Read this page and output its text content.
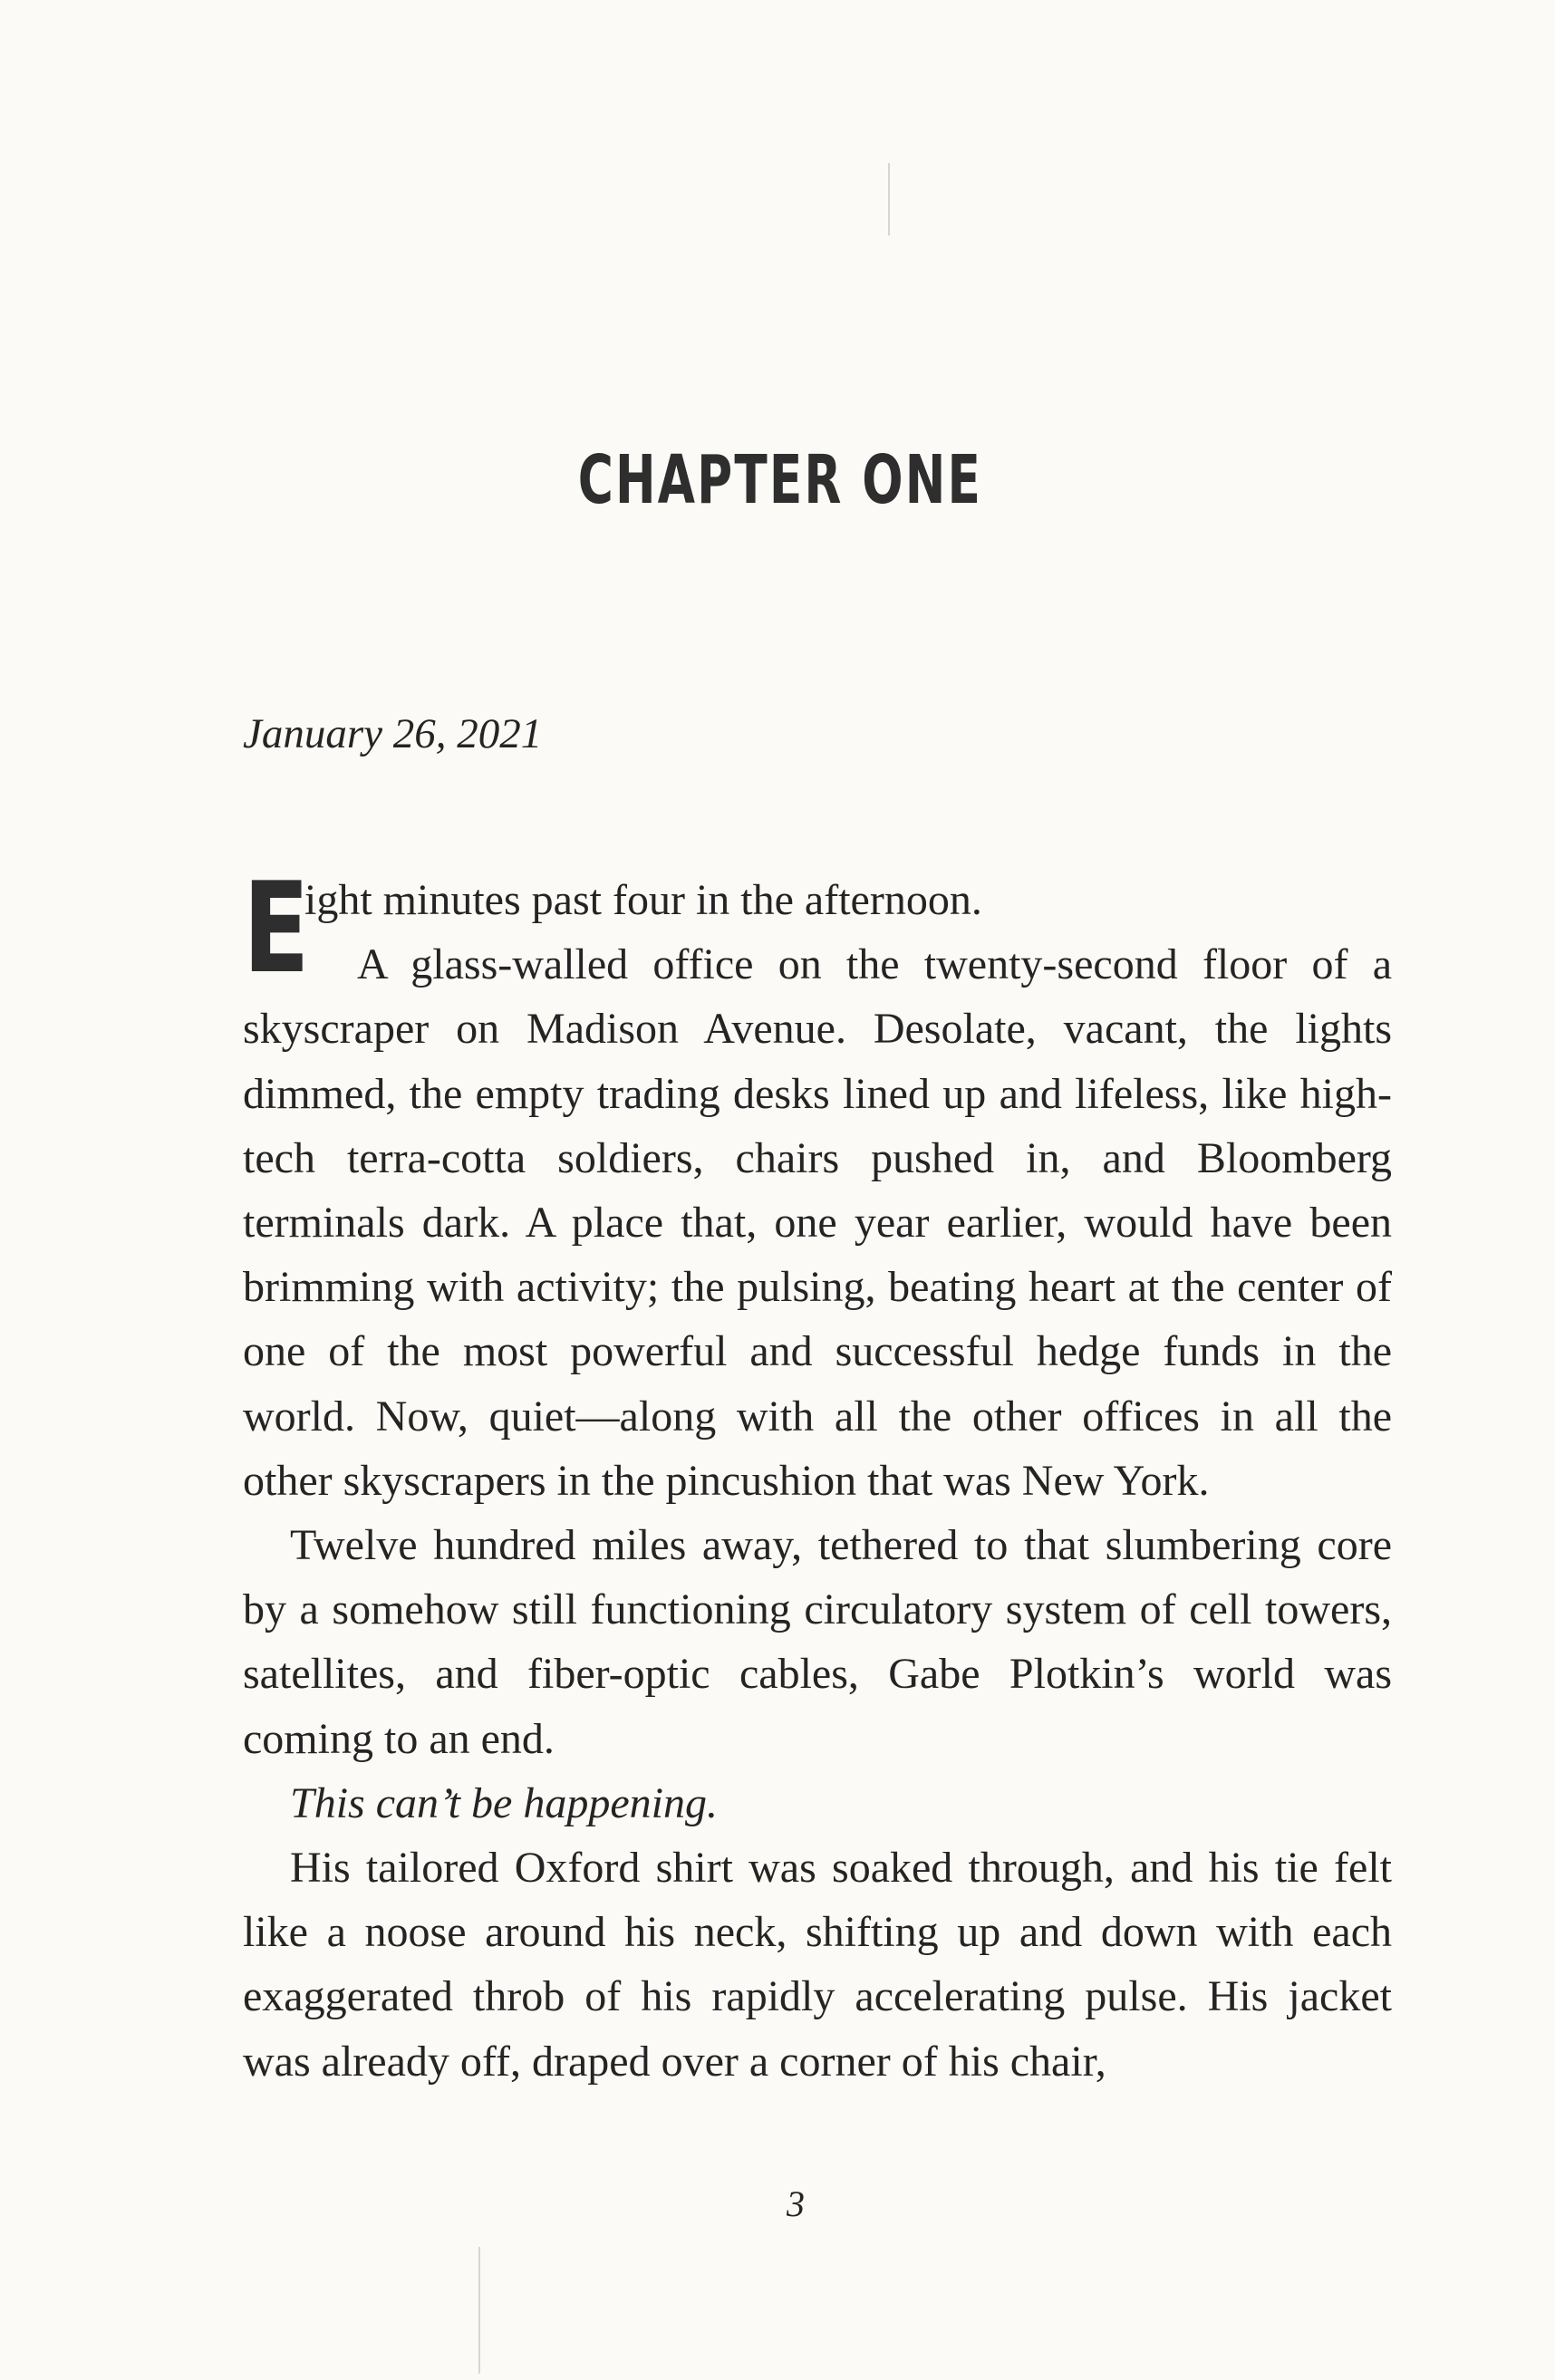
CHAPTER ONE

January 26, 2021

E
ight minutes past four in the afternoon.

A glass-walled office on the twenty-second floor of a skyscraper on Madison Avenue. Desolate, vacant, the lights dimmed, the empty trading desks lined up and lifeless, like high-tech terra-cotta soldiers, chairs pushed in, and Bloomberg terminals dark. A place that, one year earlier, would have been brimming with activity; the pulsing, beating heart at the center of one of the most powerful and successful hedge funds in the world. Now, quiet—along with all the other offices in all the other skyscrapers in the pincushion that was New York.

Twelve hundred miles away, tethered to that slumbering core by a somehow still functioning circulatory system of cell towers, satellites, and fiber-optic cables, Gabe Plotkin’s world was coming to an end.

This can’t be happening.

His tailored Oxford shirt was soaked through, and his tie felt like a noose around his neck, shifting up and down with each exaggerated throb of his rapidly accelerating pulse. His jacket was already off, draped over a corner of his chair,

3
